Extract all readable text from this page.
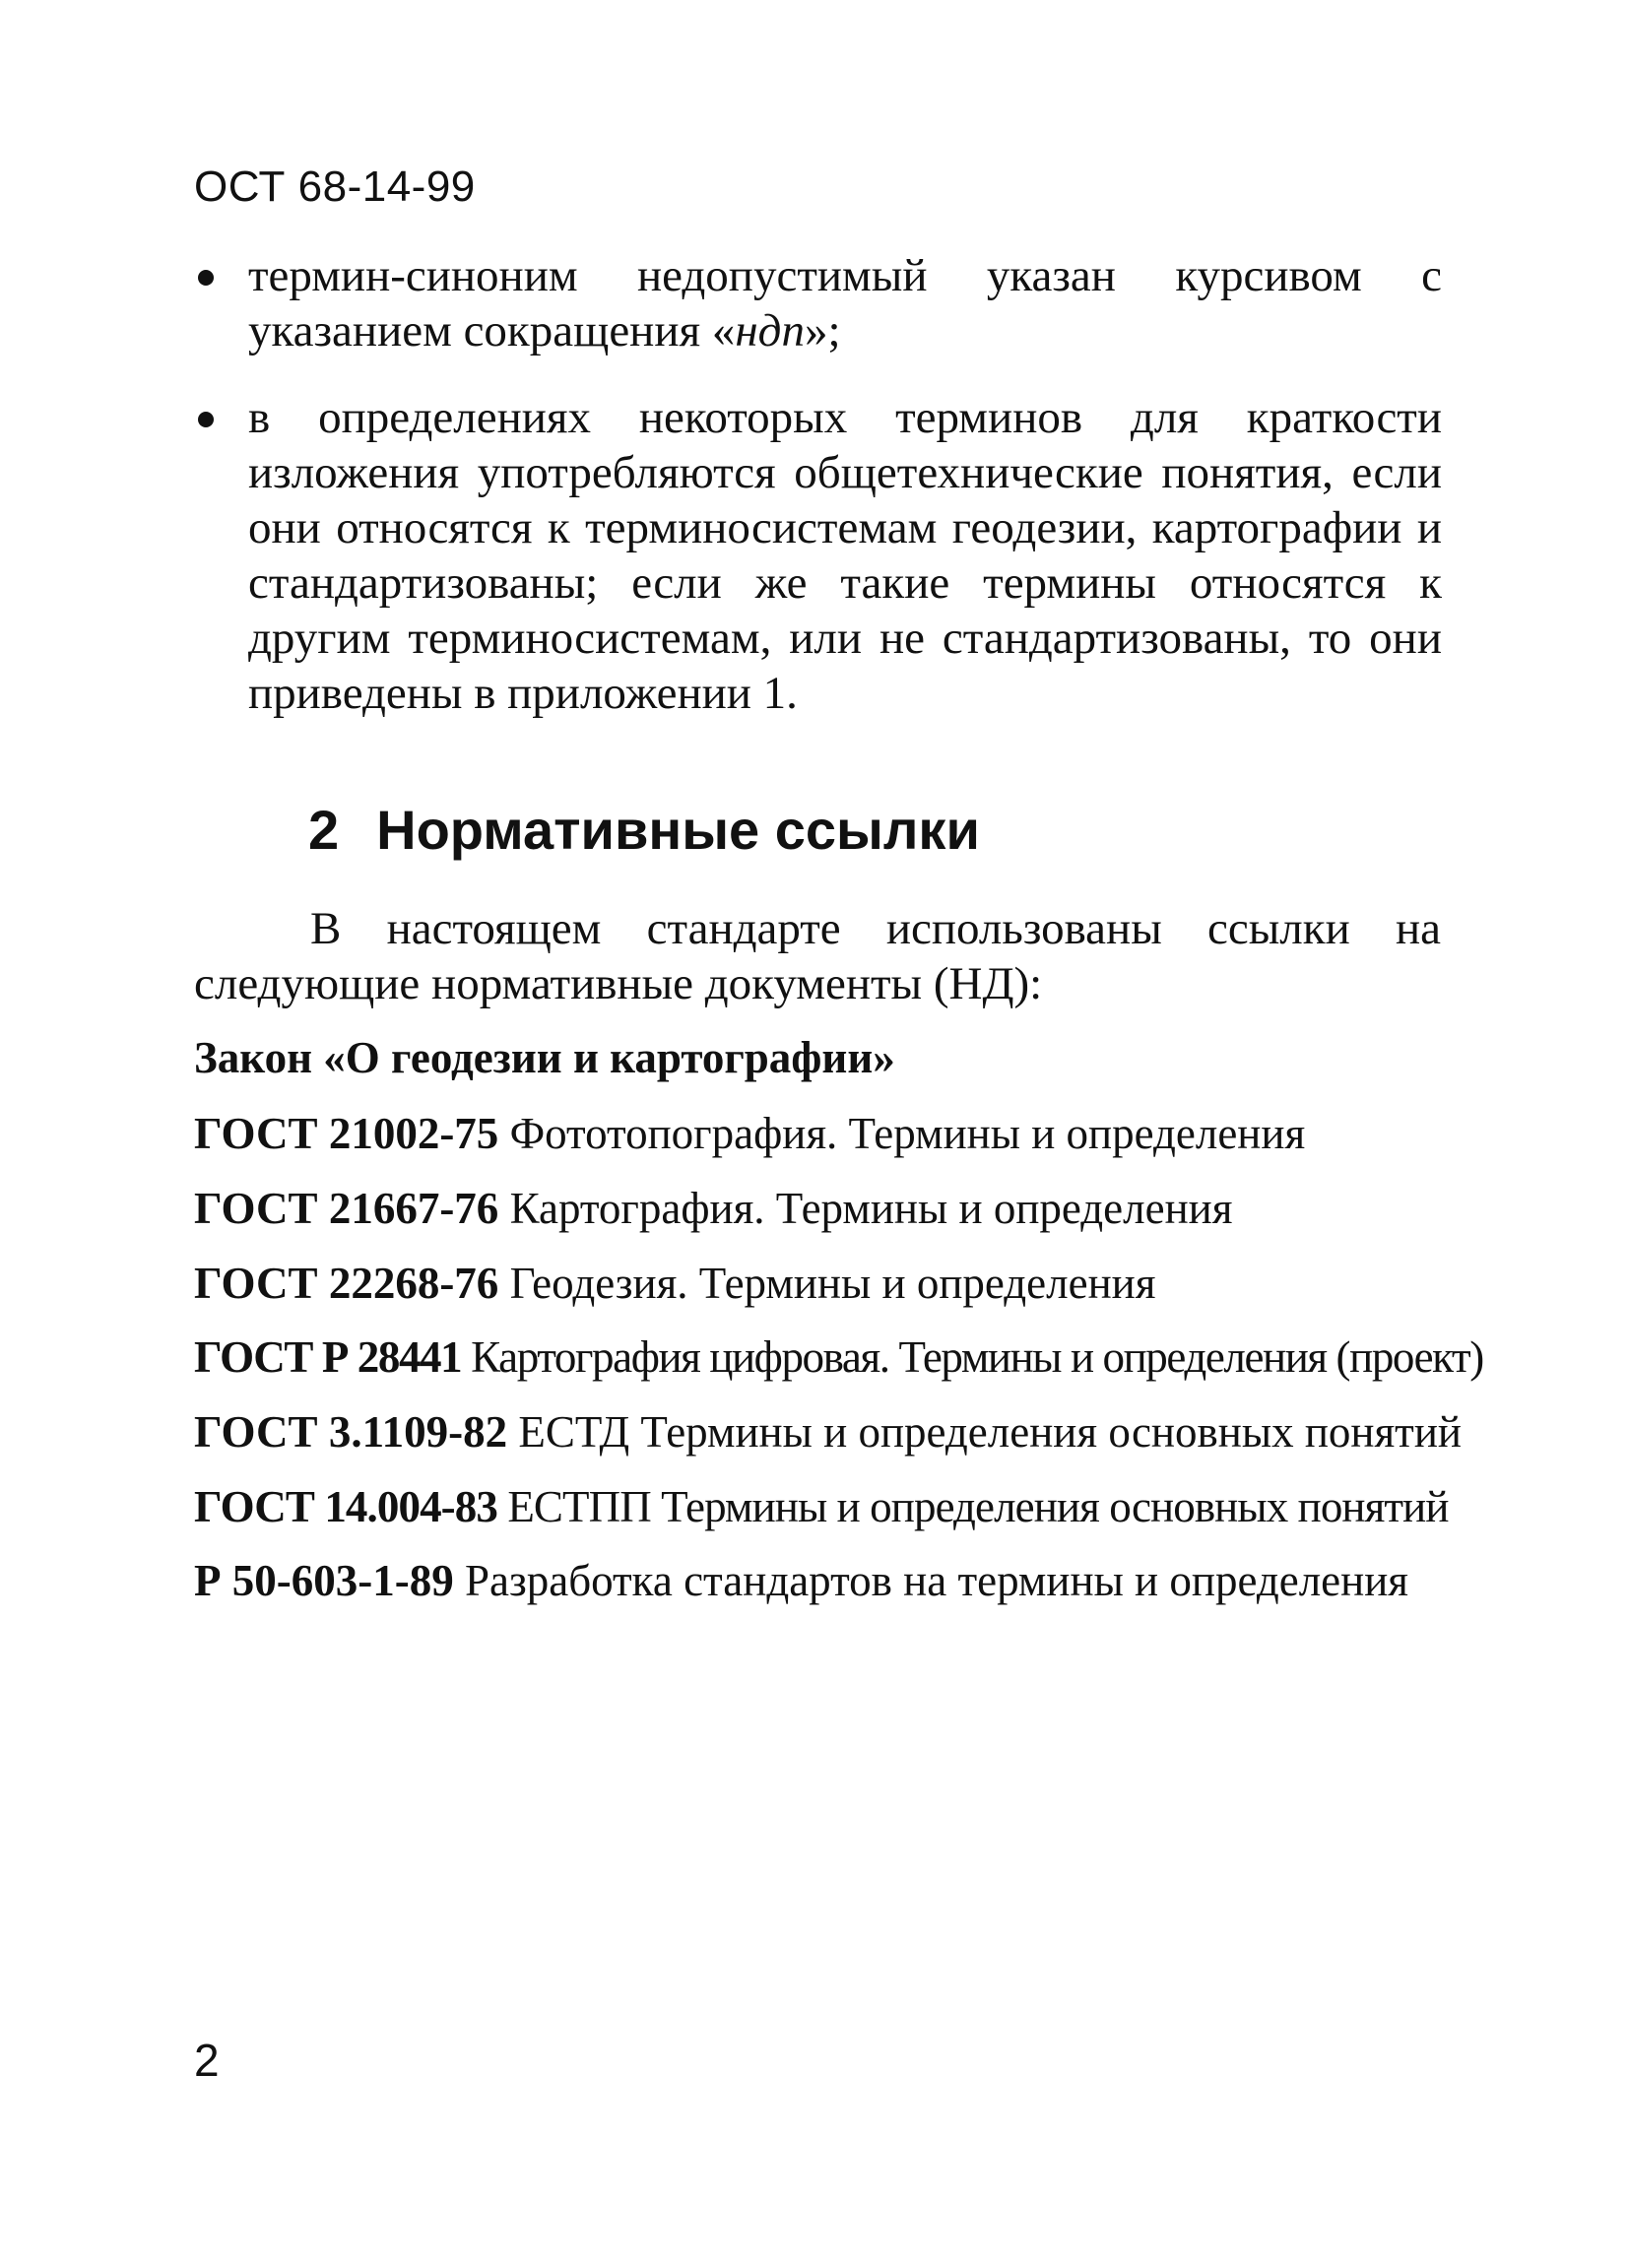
ОСТ 68-14-99
термин-синоним недопустимый указан курсивом с указанием сокращения «ндп»;
в определениях некоторых терминов для краткости изложения употребляются общетехнические понятия, если они относятся к терминосистемам геодезии, картографии и стандартизованы; если же такие термины относятся к другим терминосистемам, или не стандартизованы, то они приведены в приложении 1.
2 Нормативные ссылки
В настоящем стандарте использованы ссылки на следующие нормативные документы (НД):
Закон «О геодезии и картографии»
ГОСТ 21002-75 Фототопография. Термины и определения
ГОСТ 21667-76 Картография. Термины и определения
ГОСТ 22268-76 Геодезия. Термины и определения
ГОСТ Р 28441 Картография цифровая. Термины и определения (проект)
ГОСТ 3.1109-82 ЕСТД Термины и определения основных понятий
ГОСТ 14.004-83 ЕСТПП Термины и определения основных понятий
Р 50-603-1-89 Разработка стандартов на термины и определения
2
